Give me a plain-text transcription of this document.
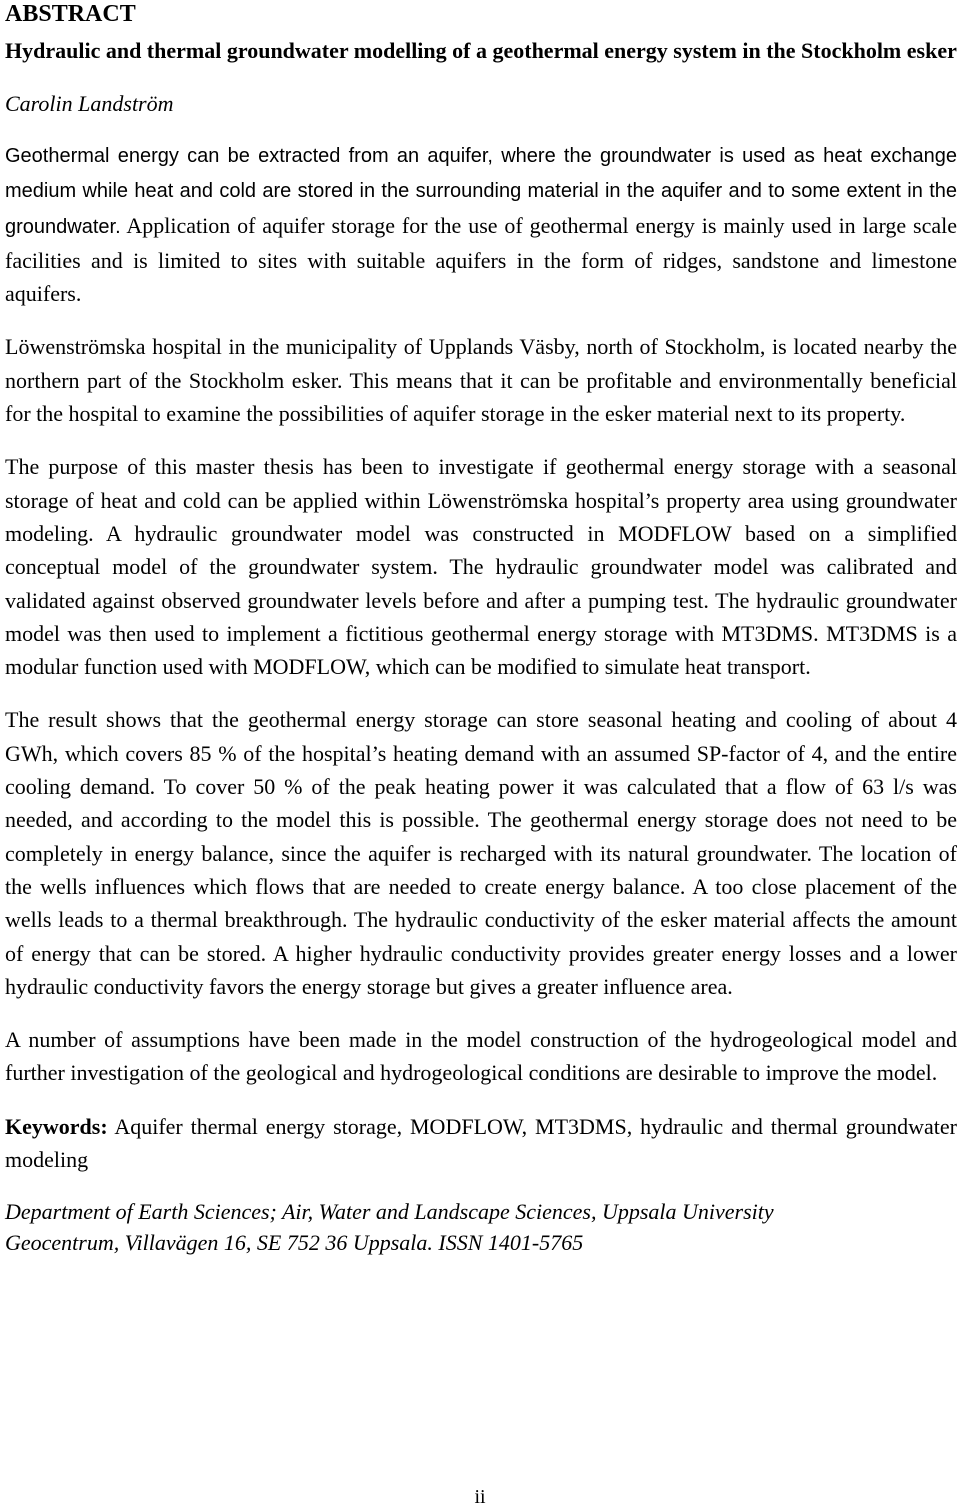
ABSTRACT
Hydraulic and thermal groundwater modelling of a geothermal energy system in the Stockholm esker
Carolin Landström
Geothermal energy can be extracted from an aquifer, where the groundwater is used as heat exchange medium while heat and cold are stored in the surrounding material in the aquifer and to some extent in the groundwater. Application of aquifer storage for the use of geothermal energy is mainly used in large scale facilities and is limited to sites with suitable aquifers in the form of ridges, sandstone and limestone aquifers.
Löwenströmska hospital in the municipality of Upplands Väsby, north of Stockholm, is located nearby the northern part of the Stockholm esker. This means that it can be profitable and environmentally beneficial for the hospital to examine the possibilities of aquifer storage in the esker material next to its property.
The purpose of this master thesis has been to investigate if geothermal energy storage with a seasonal storage of heat and cold can be applied within Löwenströmska hospital’s property area using groundwater modeling. A hydraulic groundwater model was constructed in MODFLOW based on a simplified conceptual model of the groundwater system. The hydraulic groundwater model was calibrated and validated against observed groundwater levels before and after a pumping test. The hydraulic groundwater model was then used to implement a fictitious geothermal energy storage with MT3DMS. MT3DMS is a modular function used with MODFLOW, which can be modified to simulate heat transport.
The result shows that the geothermal energy storage can store seasonal heating and cooling of about 4 GWh, which covers 85 % of the hospital’s heating demand with an assumed SP-factor of 4, and the entire cooling demand. To cover 50 % of the peak heating power it was calculated that a flow of 63 l/s was needed, and according to the model this is possible. The geothermal energy storage does not need to be completely in energy balance, since the aquifer is recharged with its natural groundwater. The location of the wells influences which flows that are needed to create energy balance. A too close placement of the wells leads to a thermal breakthrough. The hydraulic conductivity of the esker material affects the amount of energy that can be stored. A higher hydraulic conductivity provides greater energy losses and a lower hydraulic conductivity favors the energy storage but gives a greater influence area.
A number of assumptions have been made in the model construction of the hydrogeological model and further investigation of the geological and hydrogeological conditions are desirable to improve the model.
Keywords: Aquifer thermal energy storage, MODFLOW, MT3DMS, hydraulic and thermal groundwater modeling
Department of Earth Sciences; Air, Water and Landscape Sciences, Uppsala University
Geocentrum, Villavägen 16, SE 752 36 Uppsala. ISSN 1401-5765
ii
